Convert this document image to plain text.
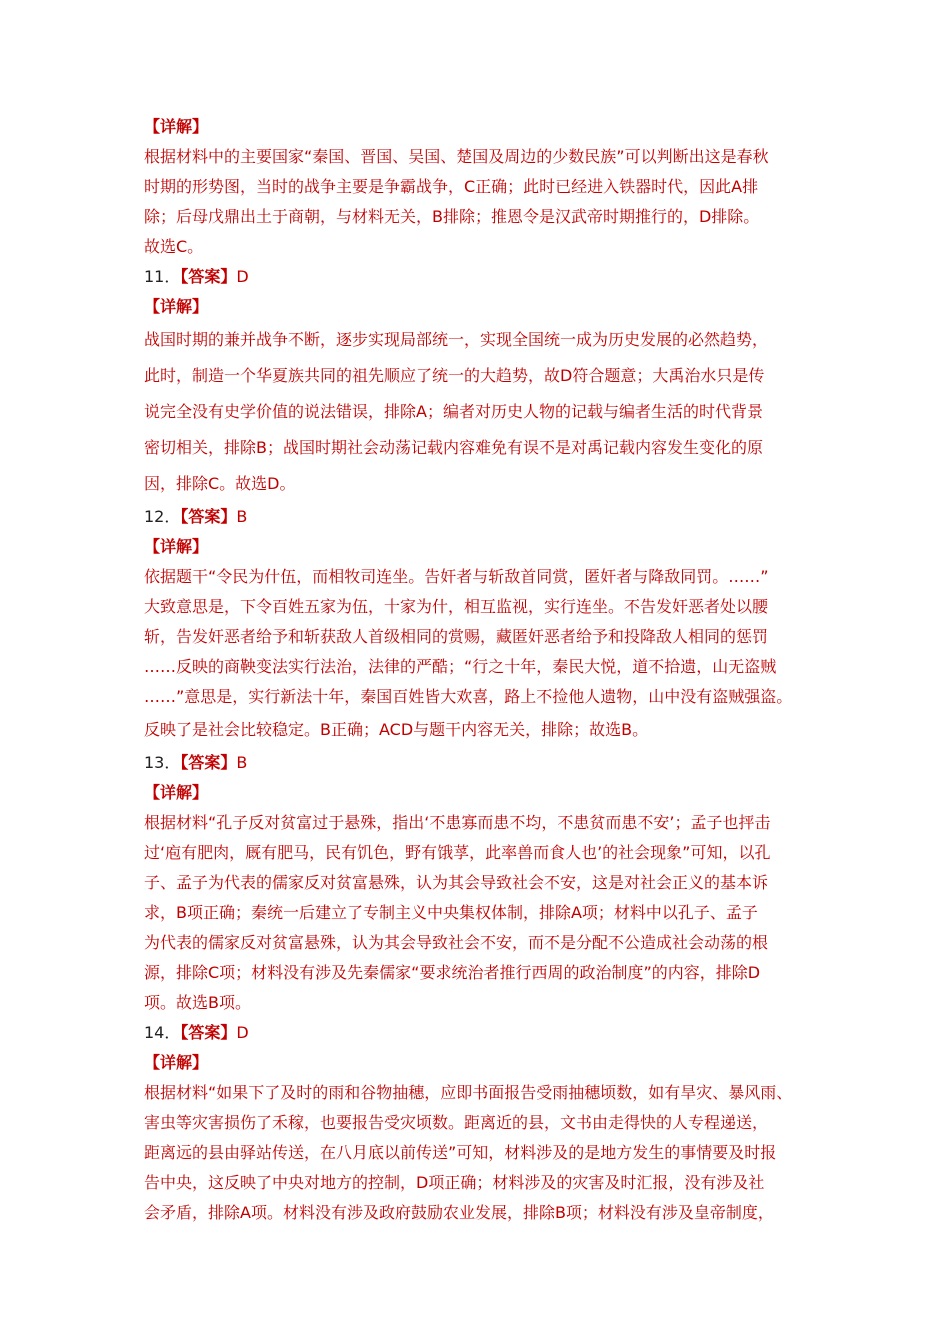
【详解】
根据材料中的主要国家“秦国、晋国、吴国、楚国及周边的少数民族”可以判断出这是春秋
时期的形势图，当时的战争主要是争霸战争，C正确；此时已经进入铁器时代，因此A排
除；后母戊鼎出土于商朝，与材料无关，B排除；推恩令是汉武帝时期推行的，D排除。
故选C。
11．【答案】D
【详解】
战国时期的兼并战争不断，逐步实现局部统一，实现全国统一成为历史发展的必然趋势，
此时，制造一个华夏族共同的祖先顺应了统一的大趋势，故D符合题意；大禹治水只是传
说完全没有史学价值的说法错误，排除A；编者对历史人物的记载与编者生活的时代背景
密切相关，排除B；战国时期社会动荡记载内容难免有误不是对禹记载内容发生变化的原
因，排除C。故选D。
12．【答案】B
【详解】
依据题干“令民为什伍，而相牧司连坐。告奸者与斩敌首同赏，匿奸者与降敌同罚。……”
大致意思是，下令百姓五家为伍，十家为什，相互监视，实行连坐。不告发奸恶者处以腰
斩，告发奸恶者给予和斩获敌人首级相同的赏赐，藏匿奸恶者给予和投降敌人相同的惩罚
……反映的商鞅变法实行法治，法律的严酷；“行之十年，秦民大悦，道不拾遗，山无盗贼
……”意思是，实行新法十年，秦国百姓皆大欢喜，路上不捡他人遗物，山中没有盗贼强盗。
反映了是社会比较稳定。B正确；ACD与题干内容无关，排除；故选B。
13．【答案】B
【详解】
根据材料“孔子反对贫富过于悬殊，指出‘不患寡而患不均，不患贫而患不安’；孟子也抨击
过‘庖有肥肉，厩有肥马，民有饥色，野有饿莩，此率兽而食人也’的社会现象”可知，以孔
子、孟子为代表的儒家反对贫富悬殊，认为其会导致社会不安，这是对社会正义的基本诉
求，B项正确；秦统一后建立了专制主义中央集权体制，排除A项；材料中以孔子、孟子
为代表的儒家反对贫富悬殊，认为其会导致社会不安，而不是分配不公造成社会动荡的根
源，排除C项；材料没有涉及先秦儒家“要求统治者推行西周的政治制度”的内容，排除D
项。故选B项。
14．【答案】D
【详解】
根据材料“如果下了及时的雨和谷物抽穗，应即书面报告受雨抽穗顷数，如有旱灾、暴风雨、
害虫等灾害损伤了禾稼，也要报告受灾顷数。距离近的县，文书由走得快的人专程递送，
距离远的县由驿站传送，在八月底以前传送”可知，材料涉及的是地方发生的事情要及时报
告中央，这反映了中央对地方的控制，D项正确；材料涉及的灾害及时汇报，没有涉及社
会矛盾，排除A项。材料没有涉及政府鼓励农业发展，排除B项；材料没有涉及皇帝制度，
